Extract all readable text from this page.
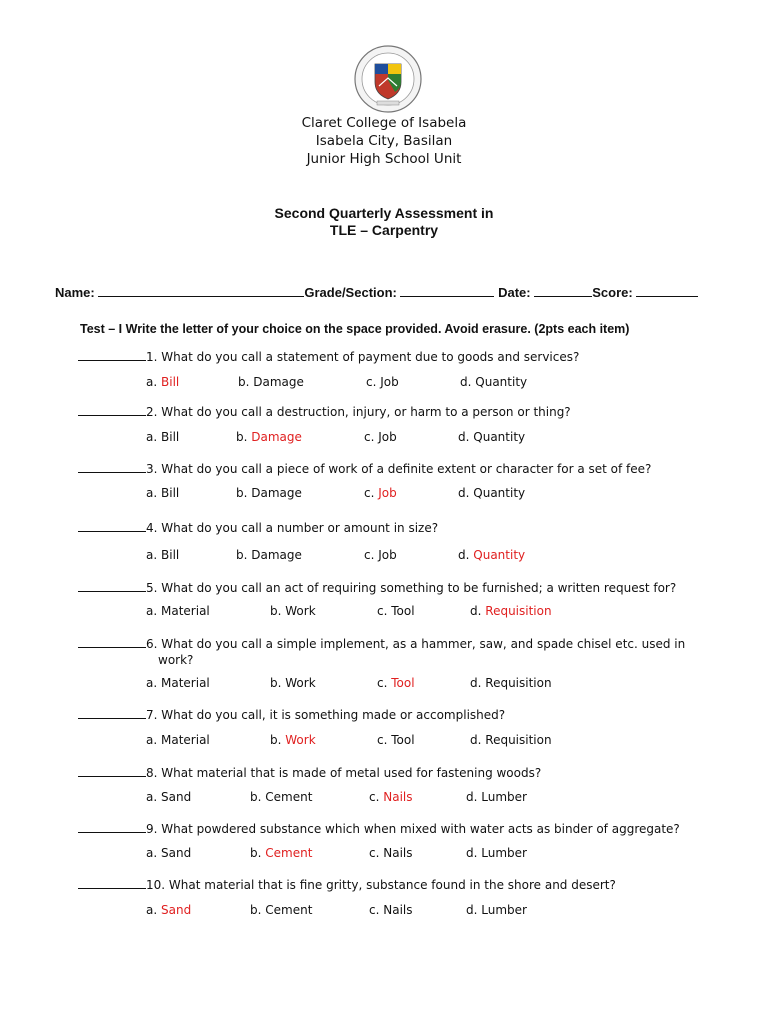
Claret College of Isabela
Isabela City, Basilan
Junior High School Unit
Second Quarterly Assessment in
TLE – Carpentry
Name:	Grade/Section:	Date:	Score:
Test – I Write the letter of your choice on the space provided. Avoid erasure. (2pts each item)
1. What do you call a statement of payment due to goods and services?
a. Bill	b. Damage	c. Job	d. Quantity
2. What do you call a destruction, injury, or harm to a person or thing?
a. Bill	b. Damage	c. Job	d. Quantity
3. What do you call a piece of work of a definite extent or character for a set of fee?
a. Bill	b. Damage	c. Job	d. Quantity
4. What do you call a number or amount in size?
a. Bill	b. Damage	c. Job	d. Quantity
5. What do you call an act of requiring something to be furnished; a written request for?
a. Material	b. Work	c. Tool	d. Requisition
6. What do you call a simple implement, as a hammer, saw, and spade chisel etc. used in
work?
a. Material	b. Work	c. Tool	d. Requisition
7. What do you call, it is something made or accomplished?
a. Material	b. Work	c. Tool	d. Requisition
8. What material that is made of metal used for fastening woods?
a. Sand	b. Cement	c. Nails	d. Lumber
9. What powdered substance which when mixed with water acts as binder of aggregate?
a. Sand	b. Cement	c. Nails	d. Lumber
10. What material that is fine gritty, substance found in the shore and desert?
a. Sand	b. Cement	c. Nails	d. Lumber
